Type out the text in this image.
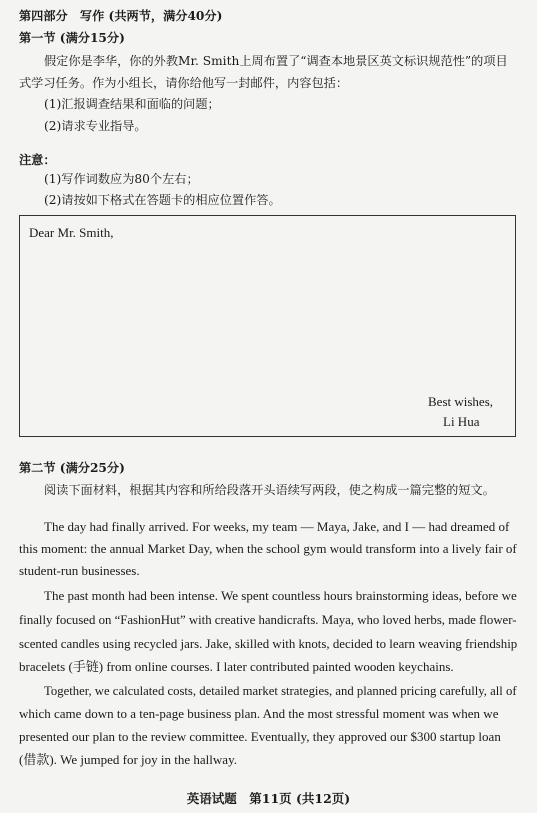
第四部分　写作 (共两节，满分40分)
第一节 (满分15分)
假定你是李华，你的外教Mr. Smith上周布置了“调查本地景区英文标识规范性”的项目
式学习任务。作为小组长，请你给他写一封邮件，内容包括：
(1)汇报调查结果和面临的问题；
(2)请求专业指导。
注意：
(1)写作词数应为80个左右；
(2)请按如下格式在答题卡的相应位置作答。
Dear Mr. Smith,
Best wishes,
Li Hua
第二节 (满分25分)
阅读下面材料，根据其内容和所给段落开头语续写两段，使之构成一篇完整的短文。
The day had finally arrived. For weeks, my team — Maya, Jake, and I — had dreamed of
this moment: the annual Market Day, when the school gym would transform into a lively fair of
student-run businesses.
The past month had been intense. We spent countless hours brainstorming ideas, before we
finally focused on “FashionHut” with creative handicrafts. Maya, who loved herbs, made flower-
scented candles using recycled jars. Jake, skilled with knots, decided to learn weaving friendship
bracelets (手链) from online courses. I later contributed painted wooden keychains.
Together, we calculated costs, detailed market strategies, and planned pricing carefully, all of
which came down to a ten-page business plan. And the most stressful moment was when we
presented our plan to the review committee. Eventually, they approved our $300 startup loan
(借款). We jumped for joy in the hallway.
英语试题　第11页 (共12页)
